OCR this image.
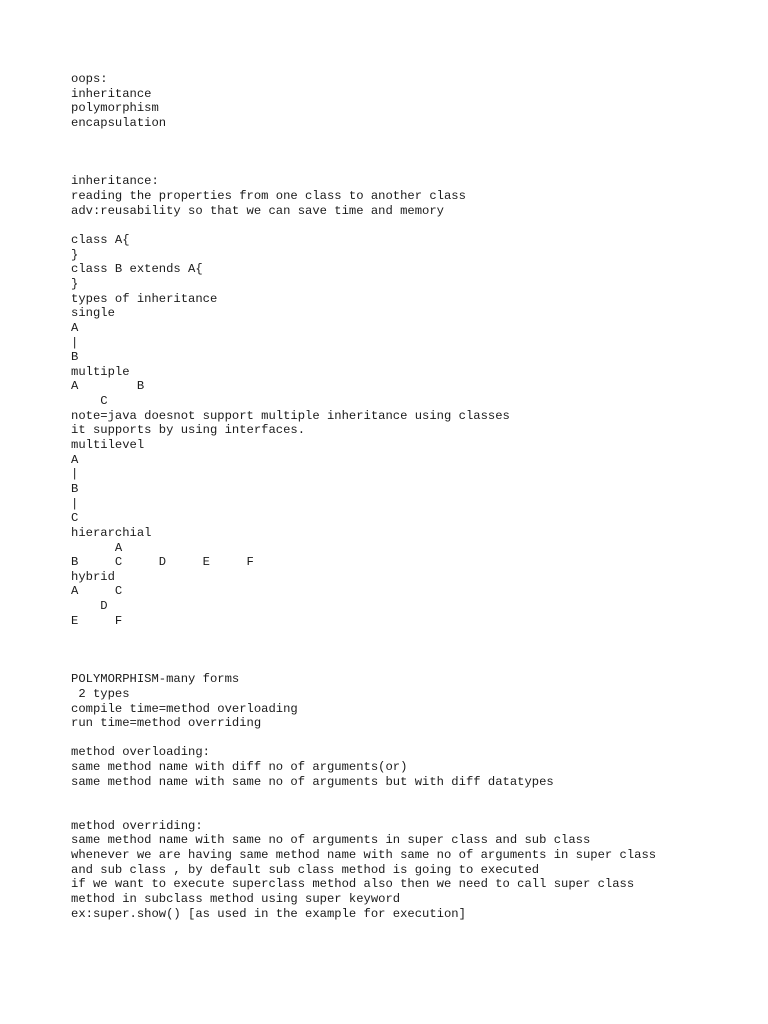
oops:
inheritance
polymorphism
encapsulation
inheritance:
reading the properties from one class to another class
adv:reusability so that we can save time and memory
class A{
}
class B extends A{
}
types of inheritance
single
A
|
B
multiple
A        B
C
note=java doesnot support multiple inheritance using classes
it supports by using interfaces.
multilevel
A
|
B
|
C
hierarchial
A
B     C     D     E     F
hybrid
A     C
D
E     F
POLYMORPHISM-many forms
2 types
compile time=method overloading
run time=method overriding
method overloading:
same method name with diff no of arguments(or)
same method name with same no of arguments but with diff datatypes
method overriding:
same method name with same no of arguments in super class and sub class
whenever we are having same method name with same no of arguments in super class
and sub class , by default sub class method is going to executed
if we want to execute superclass method also then we need to call super class
method in subclass method using super keyword
ex:super.show() [as used in the example for execution]
